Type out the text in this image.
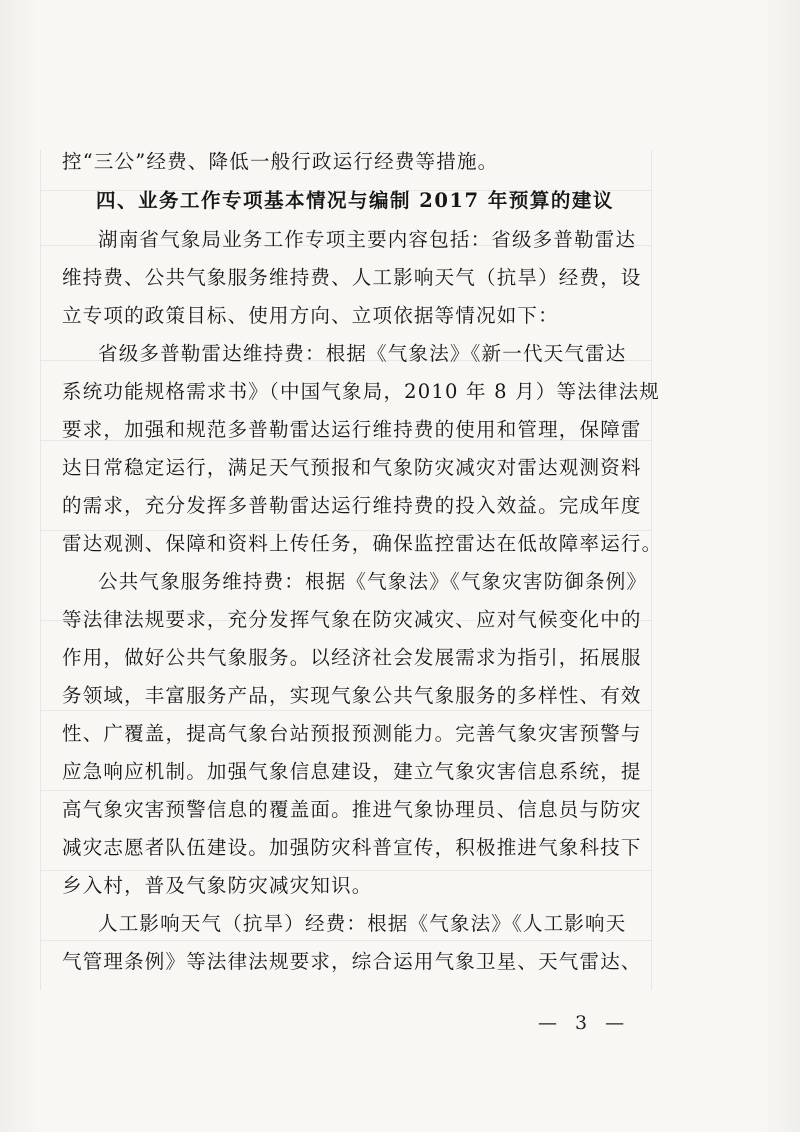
控“三公”经费、降低一般行政运行经费等措施。
四、业务工作专项基本情况与编制 2017 年预算的建议
湖南省气象局业务工作专项主要内容包括：省级多普勒雷达
维持费、公共气象服务维持费、人工影响天气（抗旱）经费，设
立专项的政策目标、使用方向、立项依据等情况如下：
省级多普勒雷达维持费：根据《气象法》《新一代天气雷达
系统功能规格需求书》（中国气象局，2010 年 8 月）等法律法规
要求，加强和规范多普勒雷达运行维持费的使用和管理，保障雷
达日常稳定运行，满足天气预报和气象防灾减灾对雷达观测资料
的需求，充分发挥多普勒雷达运行维持费的投入效益。完成年度
雷达观测、保障和资料上传任务，确保监控雷达在低故障率运行。
公共气象服务维持费：根据《气象法》《气象灾害防御条例》
等法律法规要求，充分发挥气象在防灾减灾、应对气候变化中的
作用，做好公共气象服务。以经济社会发展需求为指引，拓展服
务领域，丰富服务产品，实现气象公共气象服务的多样性、有效
性、广覆盖，提高气象台站预报预测能力。完善气象灾害预警与
应急响应机制。加强气象信息建设，建立气象灾害信息系统，提
高气象灾害预警信息的覆盖面。推进气象协理员、信息员与防灾
减灾志愿者队伍建设。加强防灾科普宣传，积极推进气象科技下
乡入村，普及气象防灾减灾知识。
人工影响天气（抗旱）经费：根据《气象法》《人工影响天
气管理条例》等法律法规要求，综合运用气象卫星、天气雷达、
— 3 —
